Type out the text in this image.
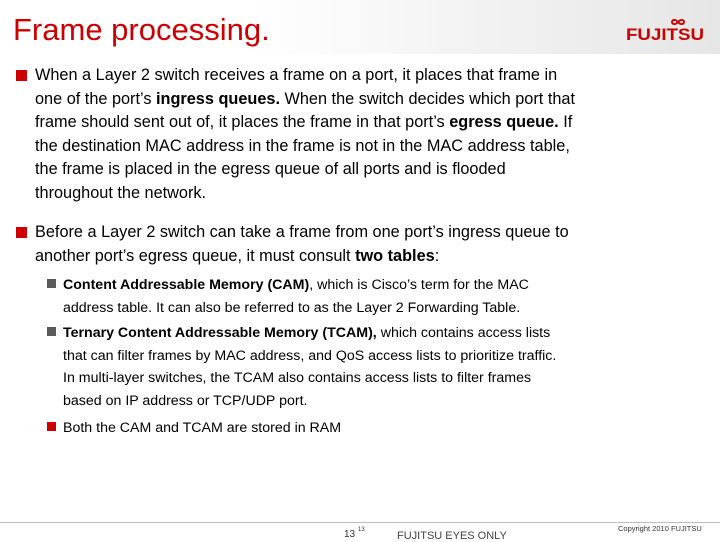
Frame processing.	FUJITSU
When a Layer 2 switch receives a frame on a port, it places that frame in
one of the port’s ingress queues. When the switch decides which port that
frame should sent out of, it places the frame in that port’s egress queue. If
the destination MAC address in the frame is not in the MAC address table,
the frame is placed in the egress queue of all ports and is flooded
throughout the network.
Before a Layer 2 switch can take a frame from one port’s ingress queue to
another port’s egress queue, it must consult two tables:
Content Addressable Memory (CAM), which is Cisco’s term for the MAC
address table. It can also be referred to as the Layer 2 Forwarding Table.
Ternary Content Addressable Memory (TCAM), which contains access lists
that can filter frames by MAC address, and QoS access lists to prioritize traffic.
In multi-layer switches, the TCAM also contains access lists to filter frames
based on IP address or TCP/UDP port.
Both the CAM and TCAM are stored in RAM
13 13	FUJITSU EYES ONLY
Copyright 2010 FUJITSU
